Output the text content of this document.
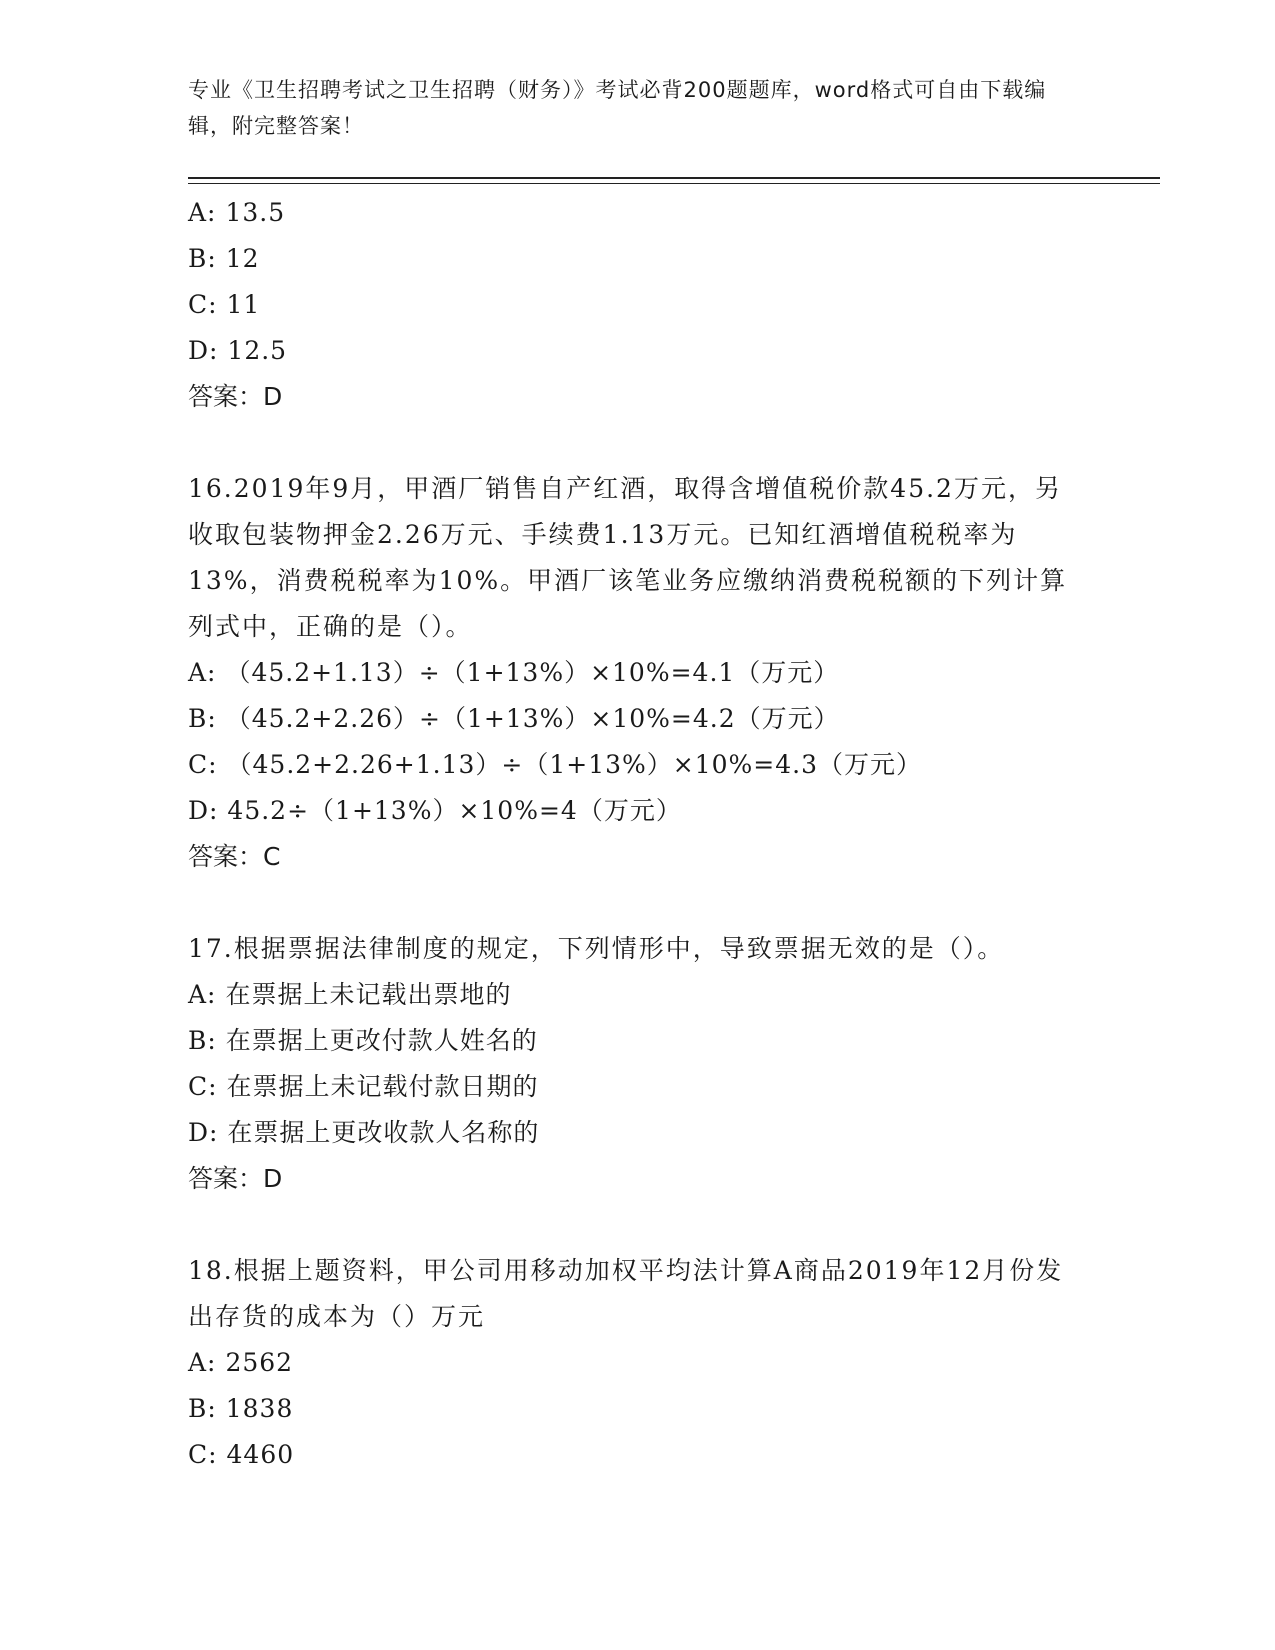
专业《卫生招聘考试之卫生招聘（财务）》考试必背200题题库，word格式可自由下载编辑，附完整答案！
A: 13.5
B: 12
C: 11
D: 12.5
答案：D
16.2019年9月，甲酒厂销售自产红酒，取得含增值税价款45.2万元，另收取包装物押金2.26万元、手续费1.13万元。已知红酒增值税税率为13%，消费税税率为10%。甲酒厂该笔业务应缴纳消费税税额的下列计算列式中，正确的是（）。
A: （45.2+1.13）÷（1+13%）×10%=4.1（万元）
B: （45.2+2.26）÷（1+13%）×10%=4.2（万元）
C: （45.2+2.26+1.13）÷（1+13%）×10%=4.3（万元）
D: 45.2÷（1+13%）×10%=4（万元）
答案：C
17.根据票据法律制度的规定，下列情形中，导致票据无效的是（）。
A: 在票据上未记载出票地的
B: 在票据上更改付款人姓名的
C: 在票据上未记载付款日期的
D: 在票据上更改收款人名称的
答案：D
18.根据上题资料，甲公司用移动加权平均法计算A商品2019年12月份发出存货的成本为（）万元
A: 2562
B: 1838
C: 4460
